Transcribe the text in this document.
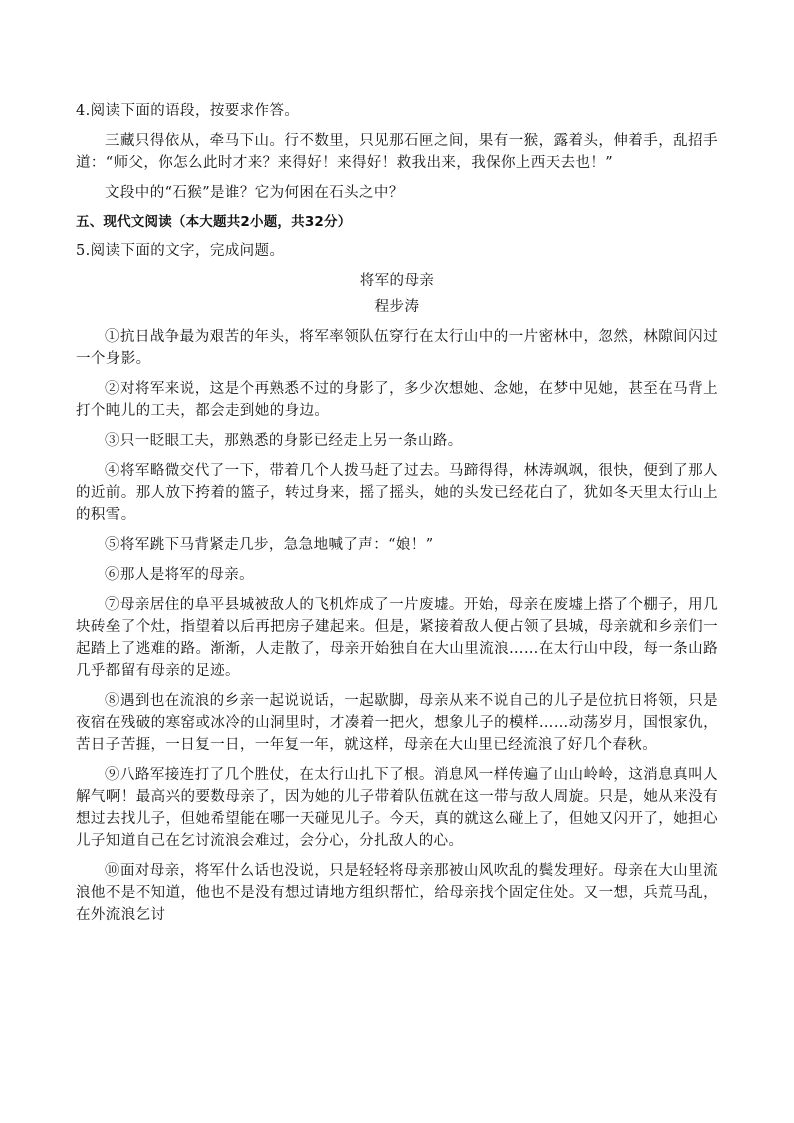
4.阅读下面的语段，按要求作答。

三藏只得依从，牵马下山。行不数里，只见那石匣之间，果有一猴，露着头，伸着手，乱招手道：“师父，你怎么此时才来？来得好！来得好！救我出来，我保你上西天去也！”

文段中的“石猴”是谁？它为何困在石头之中？

五、现代文阅读（本大题共2小题，共32分）

5.阅读下面的文字，完成问题。

将军的母亲

程步涛

①抗日战争最为艰苦的年头，将军率领队伍穿行在太行山中的一片密林中，忽然，林隙间闪过一个身影。

②对将军来说，这是个再熟悉不过的身影了，多少次想她、念她，在梦中见她，甚至在马背上打个盹儿的工夫，都会走到她的身边。

③只一眨眼工夫，那熟悉的身影已经走上另一条山路。

④将军略微交代了一下，带着几个人拨马赶了过去。马蹄得得，林涛飒飒，很快，便到了那人的近前。那人放下挎着的篮子，转过身来，摇了摇头，她的头发已经花白了，犹如冬天里太行山上的积雪。

⑤将军跳下马背紧走几步，急急地喊了声：“娘！”

⑥那人是将军的母亲。

⑦母亲居住的阜平县城被敌人的飞机炸成了一片废墟。开始，母亲在废墟上搭了个棚子，用几块砖垒了个灶，指望着以后再把房子建起来。但是，紧接着敌人便占领了县城，母亲就和乡亲们一起踏上了逃难的路。渐渐，人走散了，母亲开始独自在大山里流浪……在太行山中段，每一条山路几乎都留有母亲的足迹。

⑧遇到也在流浪的乡亲一起说说话，一起歇脚，母亲从来不说自己的儿子是位抗日将领，只是夜宿在残破的寒窑或冰冷的山洞里时，才凑着一把火，想象儿子的模样……动荡岁月，国恨家仇，苦日子苦捱，一日复一日，一年复一年，就这样，母亲在大山里已经流浪了好几个春秋。

⑨八路军接连打了几个胜仗，在太行山扎下了根。消息风一样传遍了山山岭岭，这消息真叫人解气啊！最高兴的要数母亲了，因为她的儿子带着队伍就在这一带与敌人周旋。只是，她从来没有想过去找儿子，但她希望能在哪一天碰见儿子。今天，真的就这么碰上了，但她又闪开了，她担心儿子知道自己在乞讨流浪会难过，会分心，分扎敌人的心。

⑩面对母亲，将军什么话也没说，只是轻轻将母亲那被山风吹乱的鬓发理好。母亲在大山里流浪他不是不知道，他也不是没有想过请地方组织帮忙，给母亲找个固定住处。又一想，兵荒马乱，在外流浪乞讨
